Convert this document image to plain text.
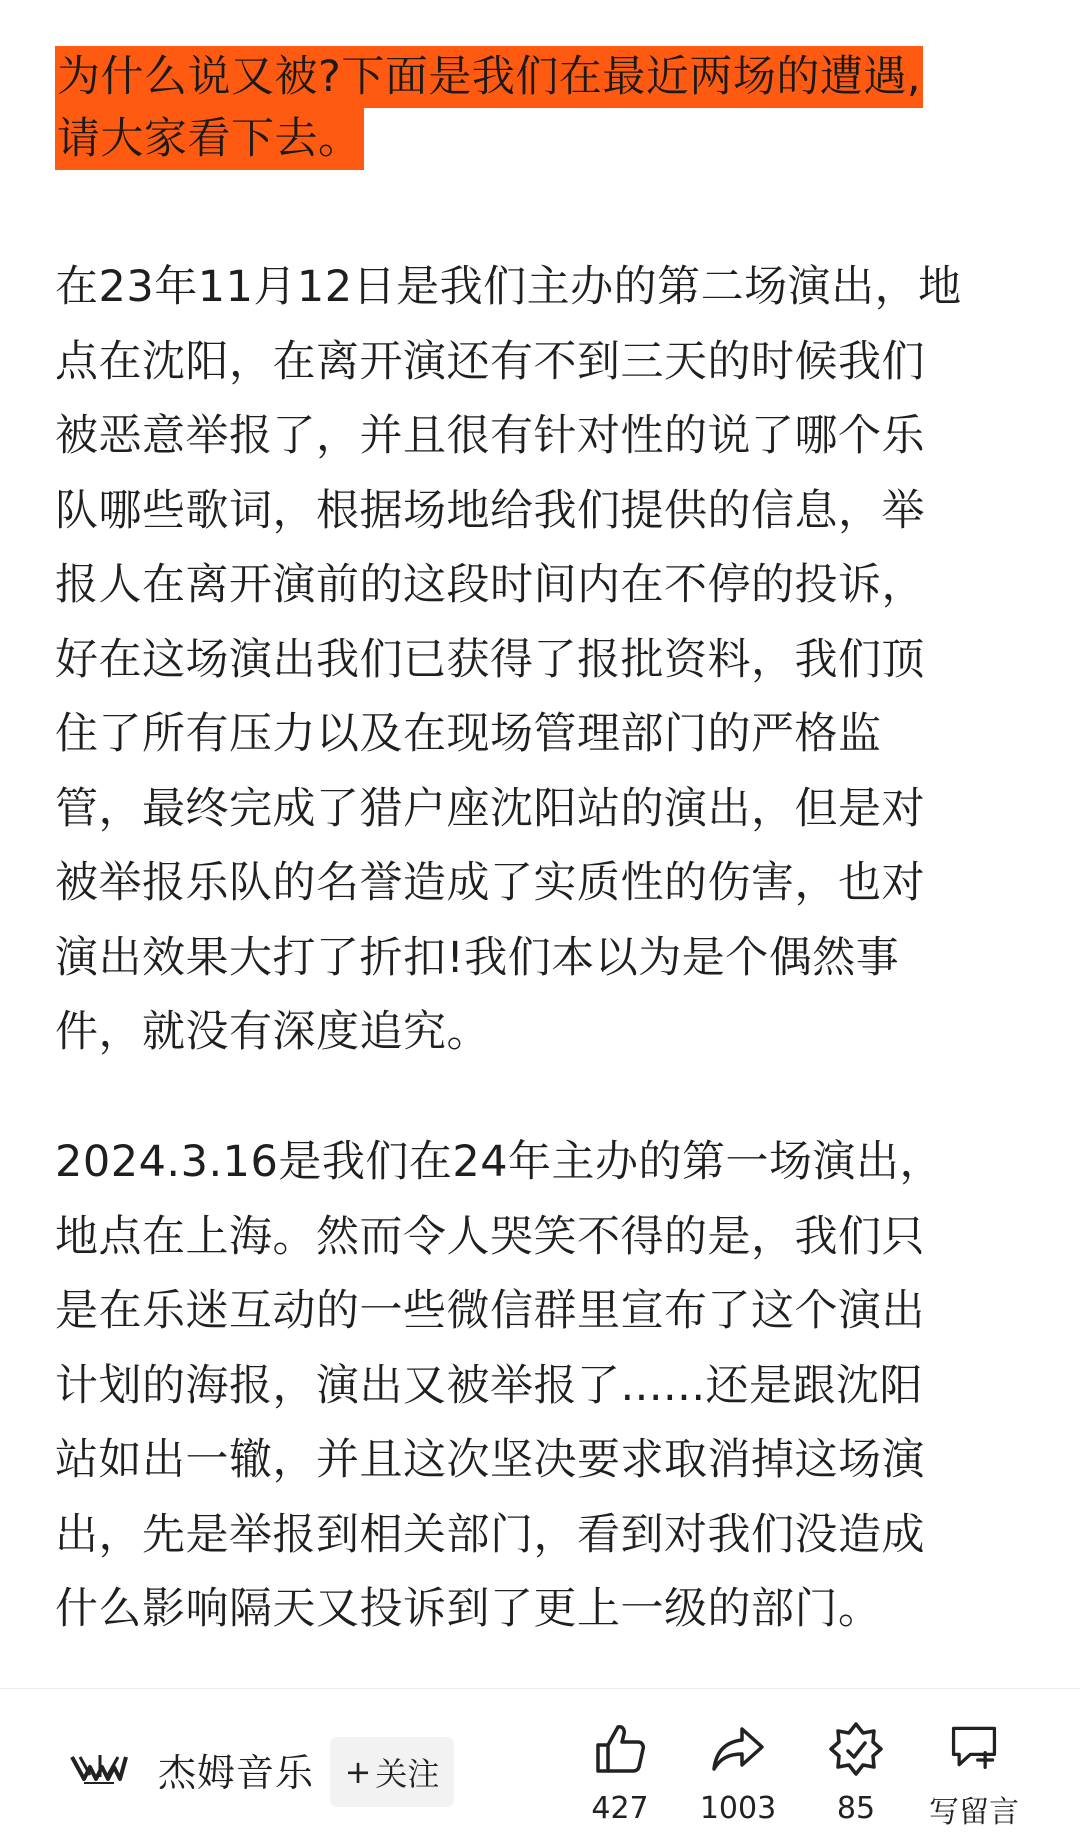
为什么说又被?下面是我们在最近两场的遭遇,
请大家看下去。

在23年11月12日是我们主办的第二场演出，地
点在沈阳，在离开演还有不到三天的时候我们
被恶意举报了，并且很有针对性的说了哪个乐
队哪些歌词，根据场地给我们提供的信息，举
报人在离开演前的这段时间内在不停的投诉，
好在这场演出我们已获得了报批资料，我们顶
住了所有压力以及在现场管理部门的严格监
管，最终完成了猎户座沈阳站的演出，但是对
被举报乐队的名誉造成了实质性的伤害，也对
演出效果大打了折扣!我们本以为是个偶然事
件，就没有深度追究。

2024.3.16是我们在24年主办的第一场演出，
地点在上海。然而令人哭笑不得的是，我们只
是在乐迷互动的一些微信群里宣布了这个演出
计划的海报，演出又被举报了......还是跟沈阳
站如出一辙，并且这次坚决要求取消掉这场演
出，先是举报到相关部门，看到对我们没造成
什么影响隔天又投诉到了更上一级的部门。

杰姆音乐 + 关注
427 1003 85 写留言
